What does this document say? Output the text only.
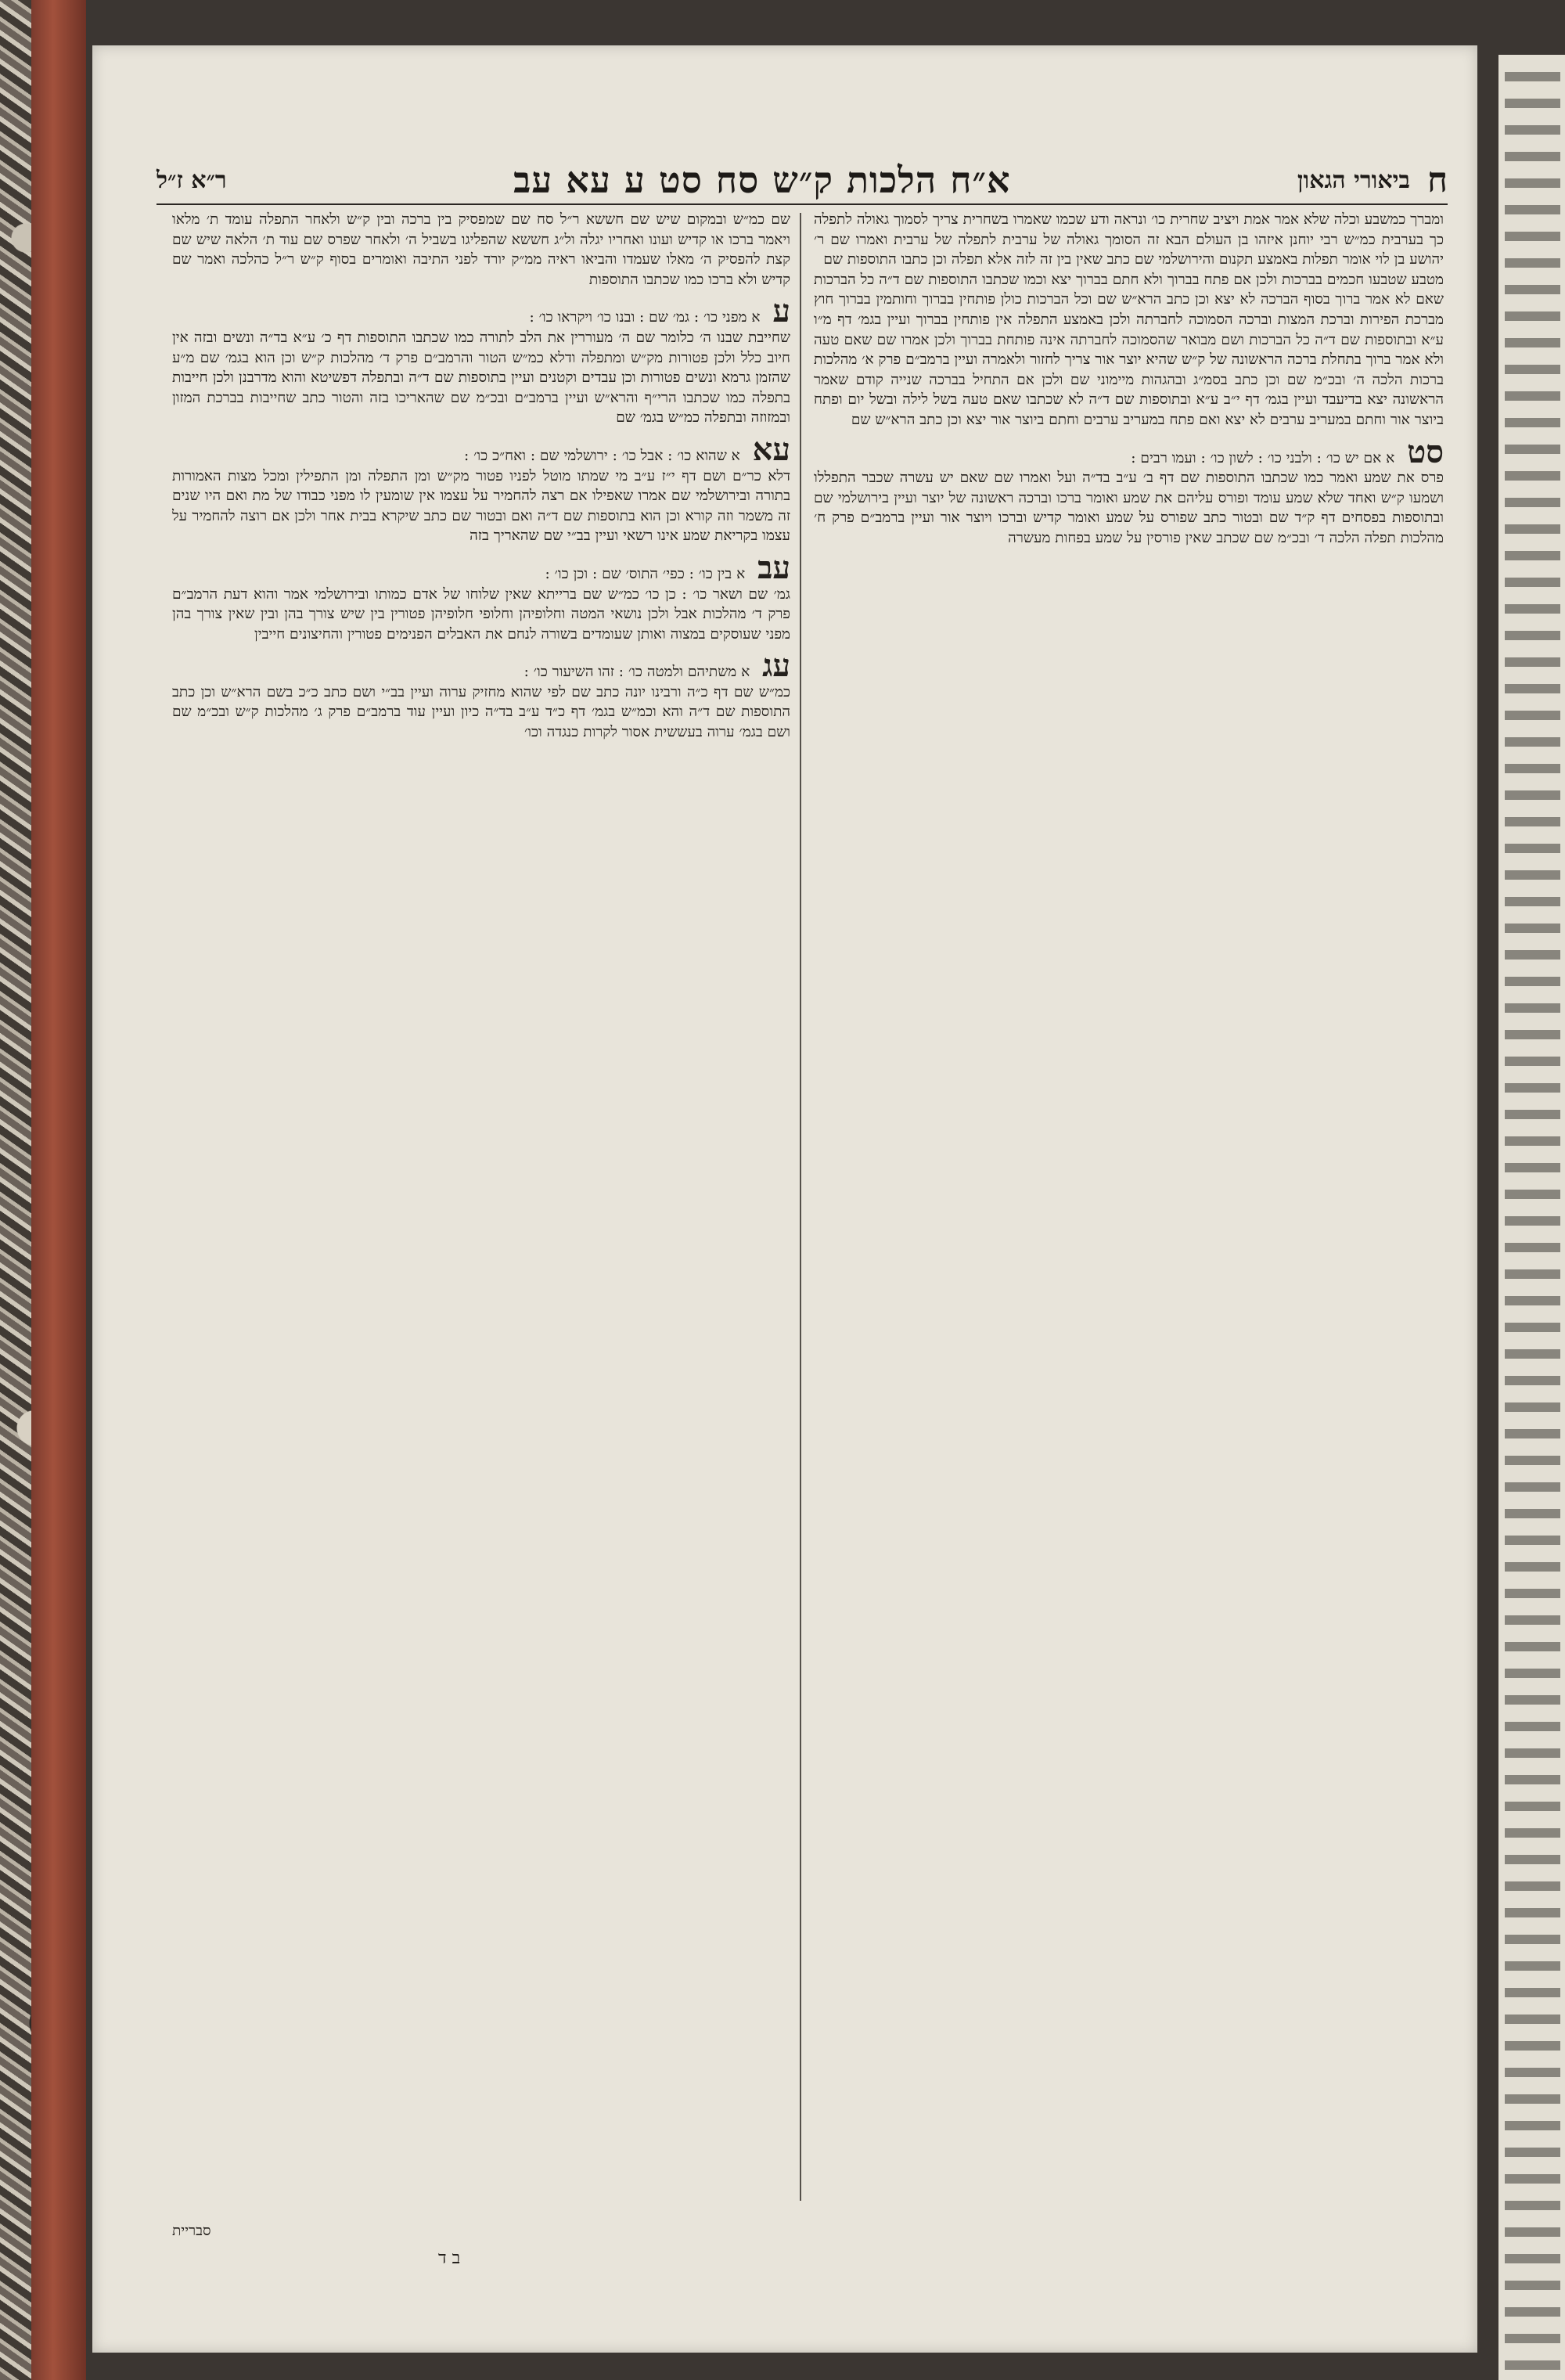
ח
ביאורי הגאון
א״ח הלכות ק״ש סח סט ע עא עב
ר״א ז״ל

ומברך כמשבע וכלה שלא אמר אמת ויציב שחרית כו׳ ונראה ודע שכמו שאמרו בשחרית צריך לסמוך גאולה לתפלה כך בערבית כמ״ש רבי יוחנן איזהו בן העולם הבא זה הסומך גאולה של ערבית לתפלה של ערבית ואמרו שם ר׳ יהושע בן לוי אומר תפלות באמצע תקנום והירושלמי שם כתב שאין בין זה לזה אלא תפלה וכן כתבו התוספות שם

מטבע שטבעו חכמים בברכות ולכן אם פתח בברוך ולא חתם בברוך יצא וכמו שכתבו התוספות שם ד״ה כל הברכות שאם לא אמר ברוך בסוף הברכה לא יצא וכן כתב הרא״ש שם וכל הברכות כולן פותחין בברוך וחותמין בברוך חוץ מברכת הפירות וברכת המצות וברכה הסמוכה לחברתה ולכן באמצע התפלה אין פותחין בברוך ועיין בגמ׳ דף מ״ו ע״א ובתוספות שם ד״ה כל הברכות ושם מבואר שהסמוכה לחברתה אינה פותחת בברוך ולכן אמרו שם שאם טעה ולא אמר ברוך בתחלת ברכה הראשונה של ק״ש שהיא יוצר אור צריך לחזור ולאמרה ועיין ברמב״ם פרק א׳ מהלכות ברכות הלכה ה׳ ובכ״מ שם וכן כתב בסמ״ג ובהגהות מיימוני שם ולכן אם התחיל בברכה שנייה קודם שאמר הראשונה יצא בדיעבד ועיין בגמ׳ דף י״ב ע״א ובתוספות שם ד״ה לא שכתבו שאם טעה בשל לילה ובשל יום ופתח ביוצר אור וחתם במעריב ערבים לא יצא ואם פתח במעריב ערבים וחתם ביוצר אור יצא וכן כתב הרא״ש שם

סט א אם יש כו׳ : ולבני כו׳ : לשון כו׳ : ועמו רבים :

פרס את שמע ואמר כמו שכתבו התוספות שם דף ב׳ ע״ב בד״ה ועל ואמרו שם שאם יש עשרה שכבר התפללו ושמעו ק״ש ואחד שלא שמע עומד ופורס עליהם את שמע ואומר ברכו וברכה ראשונה של יוצר ועיין בירושלמי שם ובתוספות בפסחים דף ק״ד שם ובטור כתב שפורס על שמע ואומר קדיש וברכו ויוצר אור ועיין ברמב״ם פרק ח׳ מהלכות תפלה הלכה ד׳ ובכ״מ שם שכתב שאין פורסין על שמע בפחות מעשרה

שם כמ״ש ובמקום שיש שם חששא ר״ל סח שם שמפסיק בין ברכה ובין ק״ש ולאחר התפלה עומד ת׳ מלאו ויאמר ברכו או קדיש ועונו ואחריו יגלה ול״ג חששא שהפליגו בשביל ה׳ ולאחר שפרס שם עוד ת׳ הלאה שיש שם קצת להפסיק ה׳ מאלו שעמדו והביאו ראיה ממ״ק יורד לפני התיבה ואומרים בסוף ק״ש ר״ל כהלכה ואמר שם קדיש ולא ברכו כמו שכתבו התוספות

ע א מפני כו׳ : גמ׳ שם : ובנו כו׳ ויקראו כו׳ :

שחייבת שבנו ה׳ כלומר שם ה׳ מעוררין את הלב לתורה כמו שכתבו התוספות דף כ׳ ע״א בד״ה ונשים ובזה אין חיוב כלל ולכן פטורות מק״ש ומתפלה ודלא כמ״ש הטור והרמב״ם פרק ד׳ מהלכות ק״ש וכן הוא בגמ׳ שם מ״ע שהזמן גרמא ונשים פטורות וכן עבדים וקטנים ועיין בתוספות שם ד״ה ובתפלה דפשיטא והוא מדרבנן ולכן חייבות בתפלה כמו שכתבו הרי״ף והרא״ש ועיין ברמב״ם ובכ״מ שם שהאריכו בזה והטור כתב שחייבות בברכת המזון ובמזוזה ובתפלה כמ״ש בגמ׳ שם

עא א שהוא כו׳ : אבל כו׳ : ירושלמי שם : ואח״כ כו׳ :

דלא כר״ם ושם דף י״ז ע״ב מי שמתו מוטל לפניו פטור מק״ש ומן התפלה ומן התפילין ומכל מצות האמורות בתורה ובירושלמי שם אמרו שאפילו אם רצה להחמיר על עצמו אין שומעין לו מפני כבודו של מת ואם היו שנים זה משמר וזה קורא וכן הוא בתוספות שם ד״ה ואם ובטור שם כתב שיקרא בבית אחר ולכן אם רוצה להחמיר על עצמו בקריאת שמע אינו רשאי ועיין בב״י שם שהאריך בזה

עב א בין כו׳ : כפי׳ התוס׳ שם : וכן כו׳ :

גמ׳ שם ושאר כו׳ : כן כו׳ כמ״ש שם ברייתא שאין שלוחו של אדם כמותו ובירושלמי אמר והוא דעת הרמב״ם פרק ד׳ מהלכות אבל ולכן נושאי המטה וחלופיהן וחלופי חלופיהן פטורין בין שיש צורך בהן ובין שאין צורך בהן מפני שעוסקים במצוה ואותן שעומדים בשורה לנחם את האבלים הפנימים פטורין והחיצונים חייבין

עג א משתיהם ולמטה כו׳ : זהו השיעור כו׳ :

כמ״ש שם דף כ״ה ורבינו יונה כתב שם לפי שהוא מחזיק ערוה ועיין בב״י ושם כתב כ״כ בשם הרא״ש וכן כתב התוספות שם ד״ה והא וכמ״ש בגמ׳ דף כ״ד ע״ב בד״ה כיון ועיין עוד ברמב״ם פרק ג׳ מהלכות ק״ש ובכ״מ שם ושם בגמ׳ ערוה בעששית אסור לקרות כנגדה וכו׳

סבריית
ב ד
